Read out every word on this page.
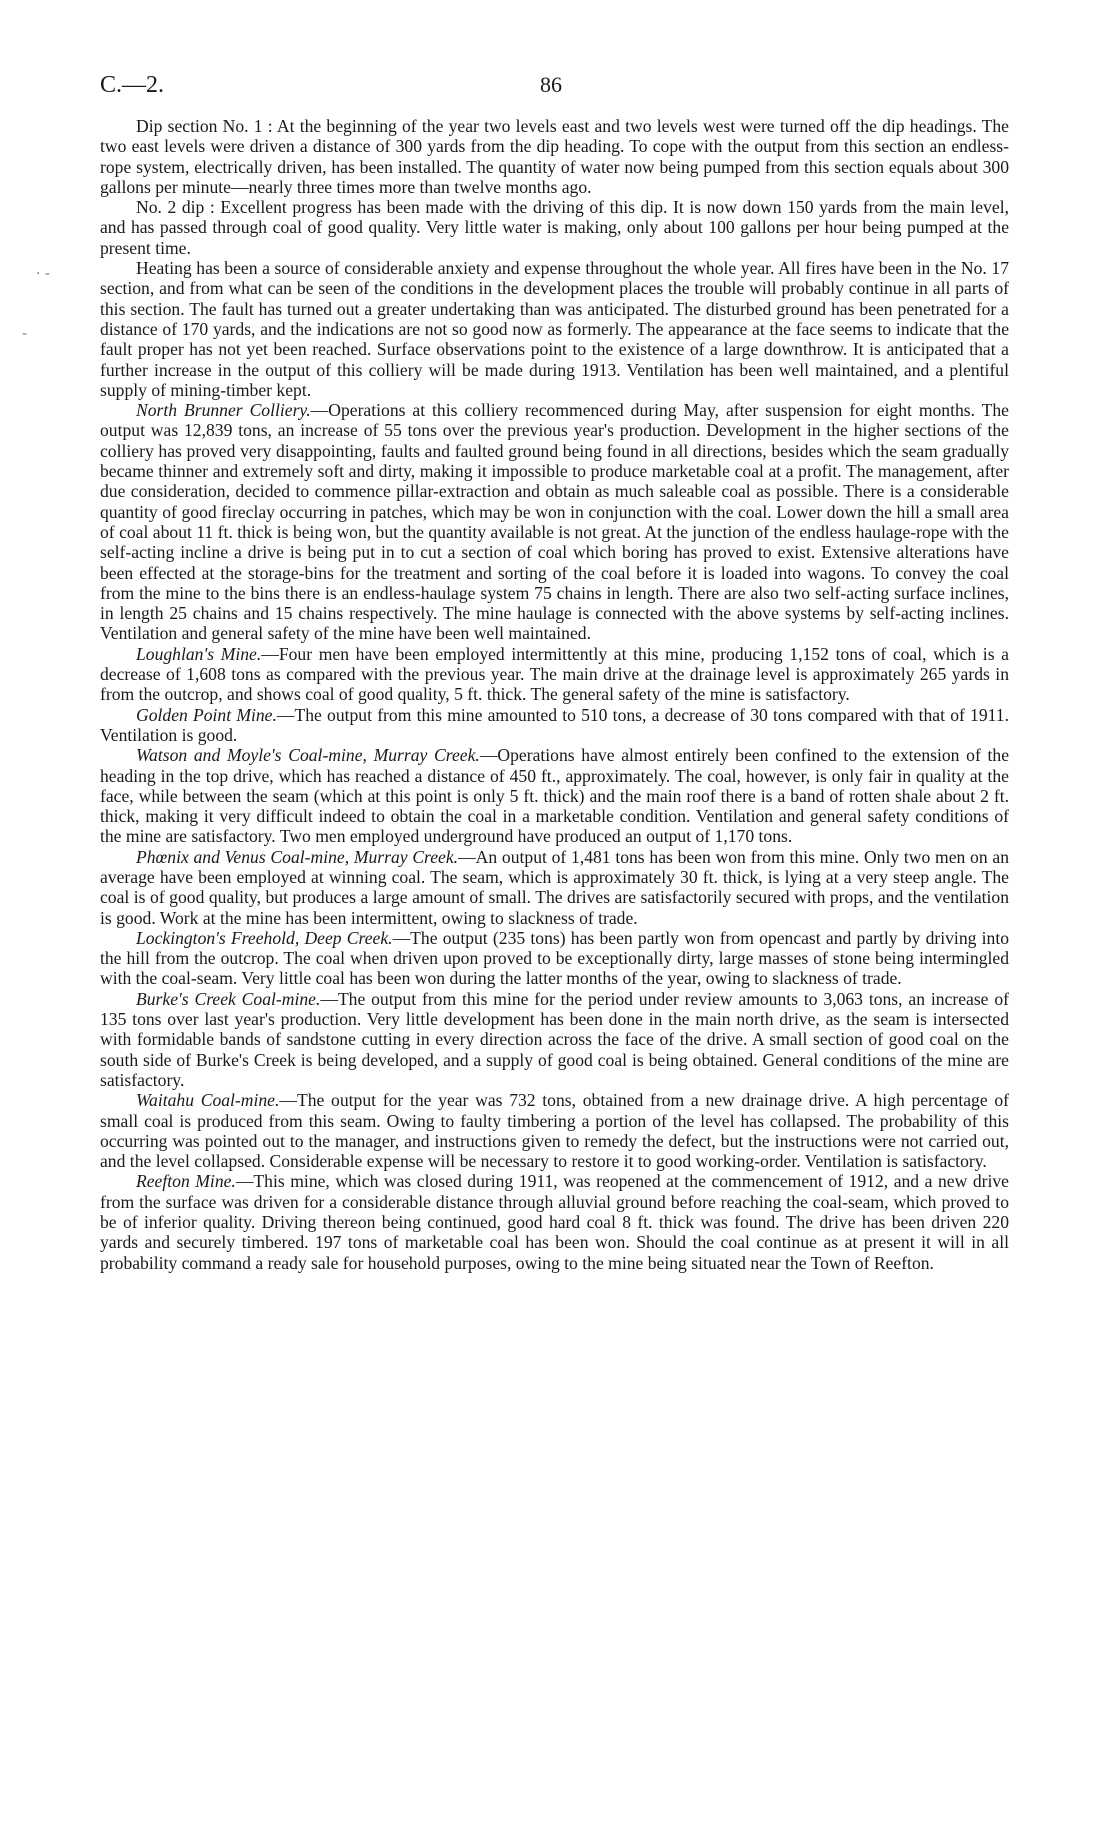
C.—2.	86
· -
-

Dip section No. 1 : At the beginning of the year two levels east and two levels west were turned off the dip headings. The two east levels were driven a distance of 300 yards from the dip heading. To cope with the output from this section an endless-rope system, electrically driven, has been installed. The quantity of water now being pumped from this section equals about 300 gallons per minute—nearly three times more than twelve months ago.

No. 2 dip : Excellent progress has been made with the driving of this dip. It is now down 150 yards from the main level, and has passed through coal of good quality. Very little water is making, only about 100 gallons per hour being pumped at the present time.

Heating has been a source of considerable anxiety and expense throughout the whole year. All fires have been in the No. 17 section, and from what can be seen of the conditions in the development places the trouble will probably continue in all parts of this section. The fault has turned out a greater undertaking than was anticipated. The disturbed ground has been penetrated for a distance of 170 yards, and the indications are not so good now as formerly. The appearance at the face seems to indicate that the fault proper has not yet been reached. Surface observations point to the existence of a large downthrow. It is anticipated that a further increase in the output of this colliery will be made during 1913. Ventilation has been well maintained, and a plentiful supply of mining-timber kept.

North Brunner Colliery.—Operations at this colliery recommenced during May, after suspension for eight months. The output was 12,839 tons, an increase of 55 tons over the previous year's production. Development in the higher sections of the colliery has proved very disappointing, faults and faulted ground being found in all directions, besides which the seam gradually became thinner and extremely soft and dirty, making it impossible to produce marketable coal at a profit. The management, after due consideration, decided to commence pillar-extraction and obtain as much saleable coal as possible. There is a considerable quantity of good fireclay occurring in patches, which may be won in conjunction with the coal. Lower down the hill a small area of coal about 11 ft. thick is being won, but the quantity available is not great. At the junction of the endless haulage-rope with the self-acting incline a drive is being put in to cut a section of coal which boring has proved to exist. Extensive alterations have been effected at the storage-bins for the treatment and sorting of the coal before it is loaded into wagons. To convey the coal from the mine to the bins there is an endless-haulage system 75 chains in length. There are also two self-acting surface inclines, in length 25 chains and 15 chains respectively. The mine haulage is connected with the above systems by self-acting inclines. Ventilation and general safety of the mine have been well maintained.

Loughlan's Mine.—Four men have been employed intermittently at this mine, producing 1,152 tons of coal, which is a decrease of 1,608 tons as compared with the previous year. The main drive at the drainage level is approximately 265 yards in from the outcrop, and shows coal of good quality, 5 ft. thick. The general safety of the mine is satisfactory.

Golden Point Mine.—The output from this mine amounted to 510 tons, a decrease of 30 tons compared with that of 1911. Ventilation is good.

Watson and Moyle's Coal-mine, Murray Creek.—Operations have almost entirely been confined to the extension of the heading in the top drive, which has reached a distance of 450 ft., approximately. The coal, however, is only fair in quality at the face, while between the seam (which at this point is only 5 ft. thick) and the main roof there is a band of rotten shale about 2 ft. thick, making it very difficult indeed to obtain the coal in a marketable condition. Ventilation and general safety conditions of the mine are satisfactory. Two men employed underground have produced an output of 1,170 tons.

Phœnix and Venus Coal-mine, Murray Creek.—An output of 1,481 tons has been won from this mine. Only two men on an average have been employed at winning coal. The seam, which is approximately 30 ft. thick, is lying at a very steep angle. The coal is of good quality, but produces a large amount of small. The drives are satisfactorily secured with props, and the ventilation is good. Work at the mine has been intermittent, owing to slackness of trade.

Lockington's Freehold, Deep Creek.—The output (235 tons) has been partly won from opencast and partly by driving into the hill from the outcrop. The coal when driven upon proved to be exceptionally dirty, large masses of stone being intermingled with the coal-seam. Very little coal has been won during the latter months of the year, owing to slackness of trade.

Burke's Creek Coal-mine.—The output from this mine for the period under review amounts to 3,063 tons, an increase of 135 tons over last year's production. Very little development has been done in the main north drive, as the seam is intersected with formidable bands of sandstone cutting in every direction across the face of the drive. A small section of good coal on the south side of Burke's Creek is being developed, and a supply of good coal is being obtained. General conditions of the mine are satisfactory.

Waitahu Coal-mine.—The output for the year was 732 tons, obtained from a new drainage drive. A high percentage of small coal is produced from this seam. Owing to faulty timbering a portion of the level has collapsed. The probability of this occurring was pointed out to the manager, and instructions given to remedy the defect, but the instructions were not carried out, and the level collapsed. Considerable expense will be necessary to restore it to good working-order. Ventilation is satisfactory.

Reefton Mine.—This mine, which was closed during 1911, was reopened at the commencement of 1912, and a new drive from the surface was driven for a considerable distance through alluvial ground before reaching the coal-seam, which proved to be of inferior quality. Driving thereon being continued, good hard coal 8 ft. thick was found. The drive has been driven 220 yards and securely timbered. 197 tons of marketable coal has been won. Should the coal continue as at present it will in all probability command a ready sale for household purposes, owing to the mine being situated near the Town of Reefton.
